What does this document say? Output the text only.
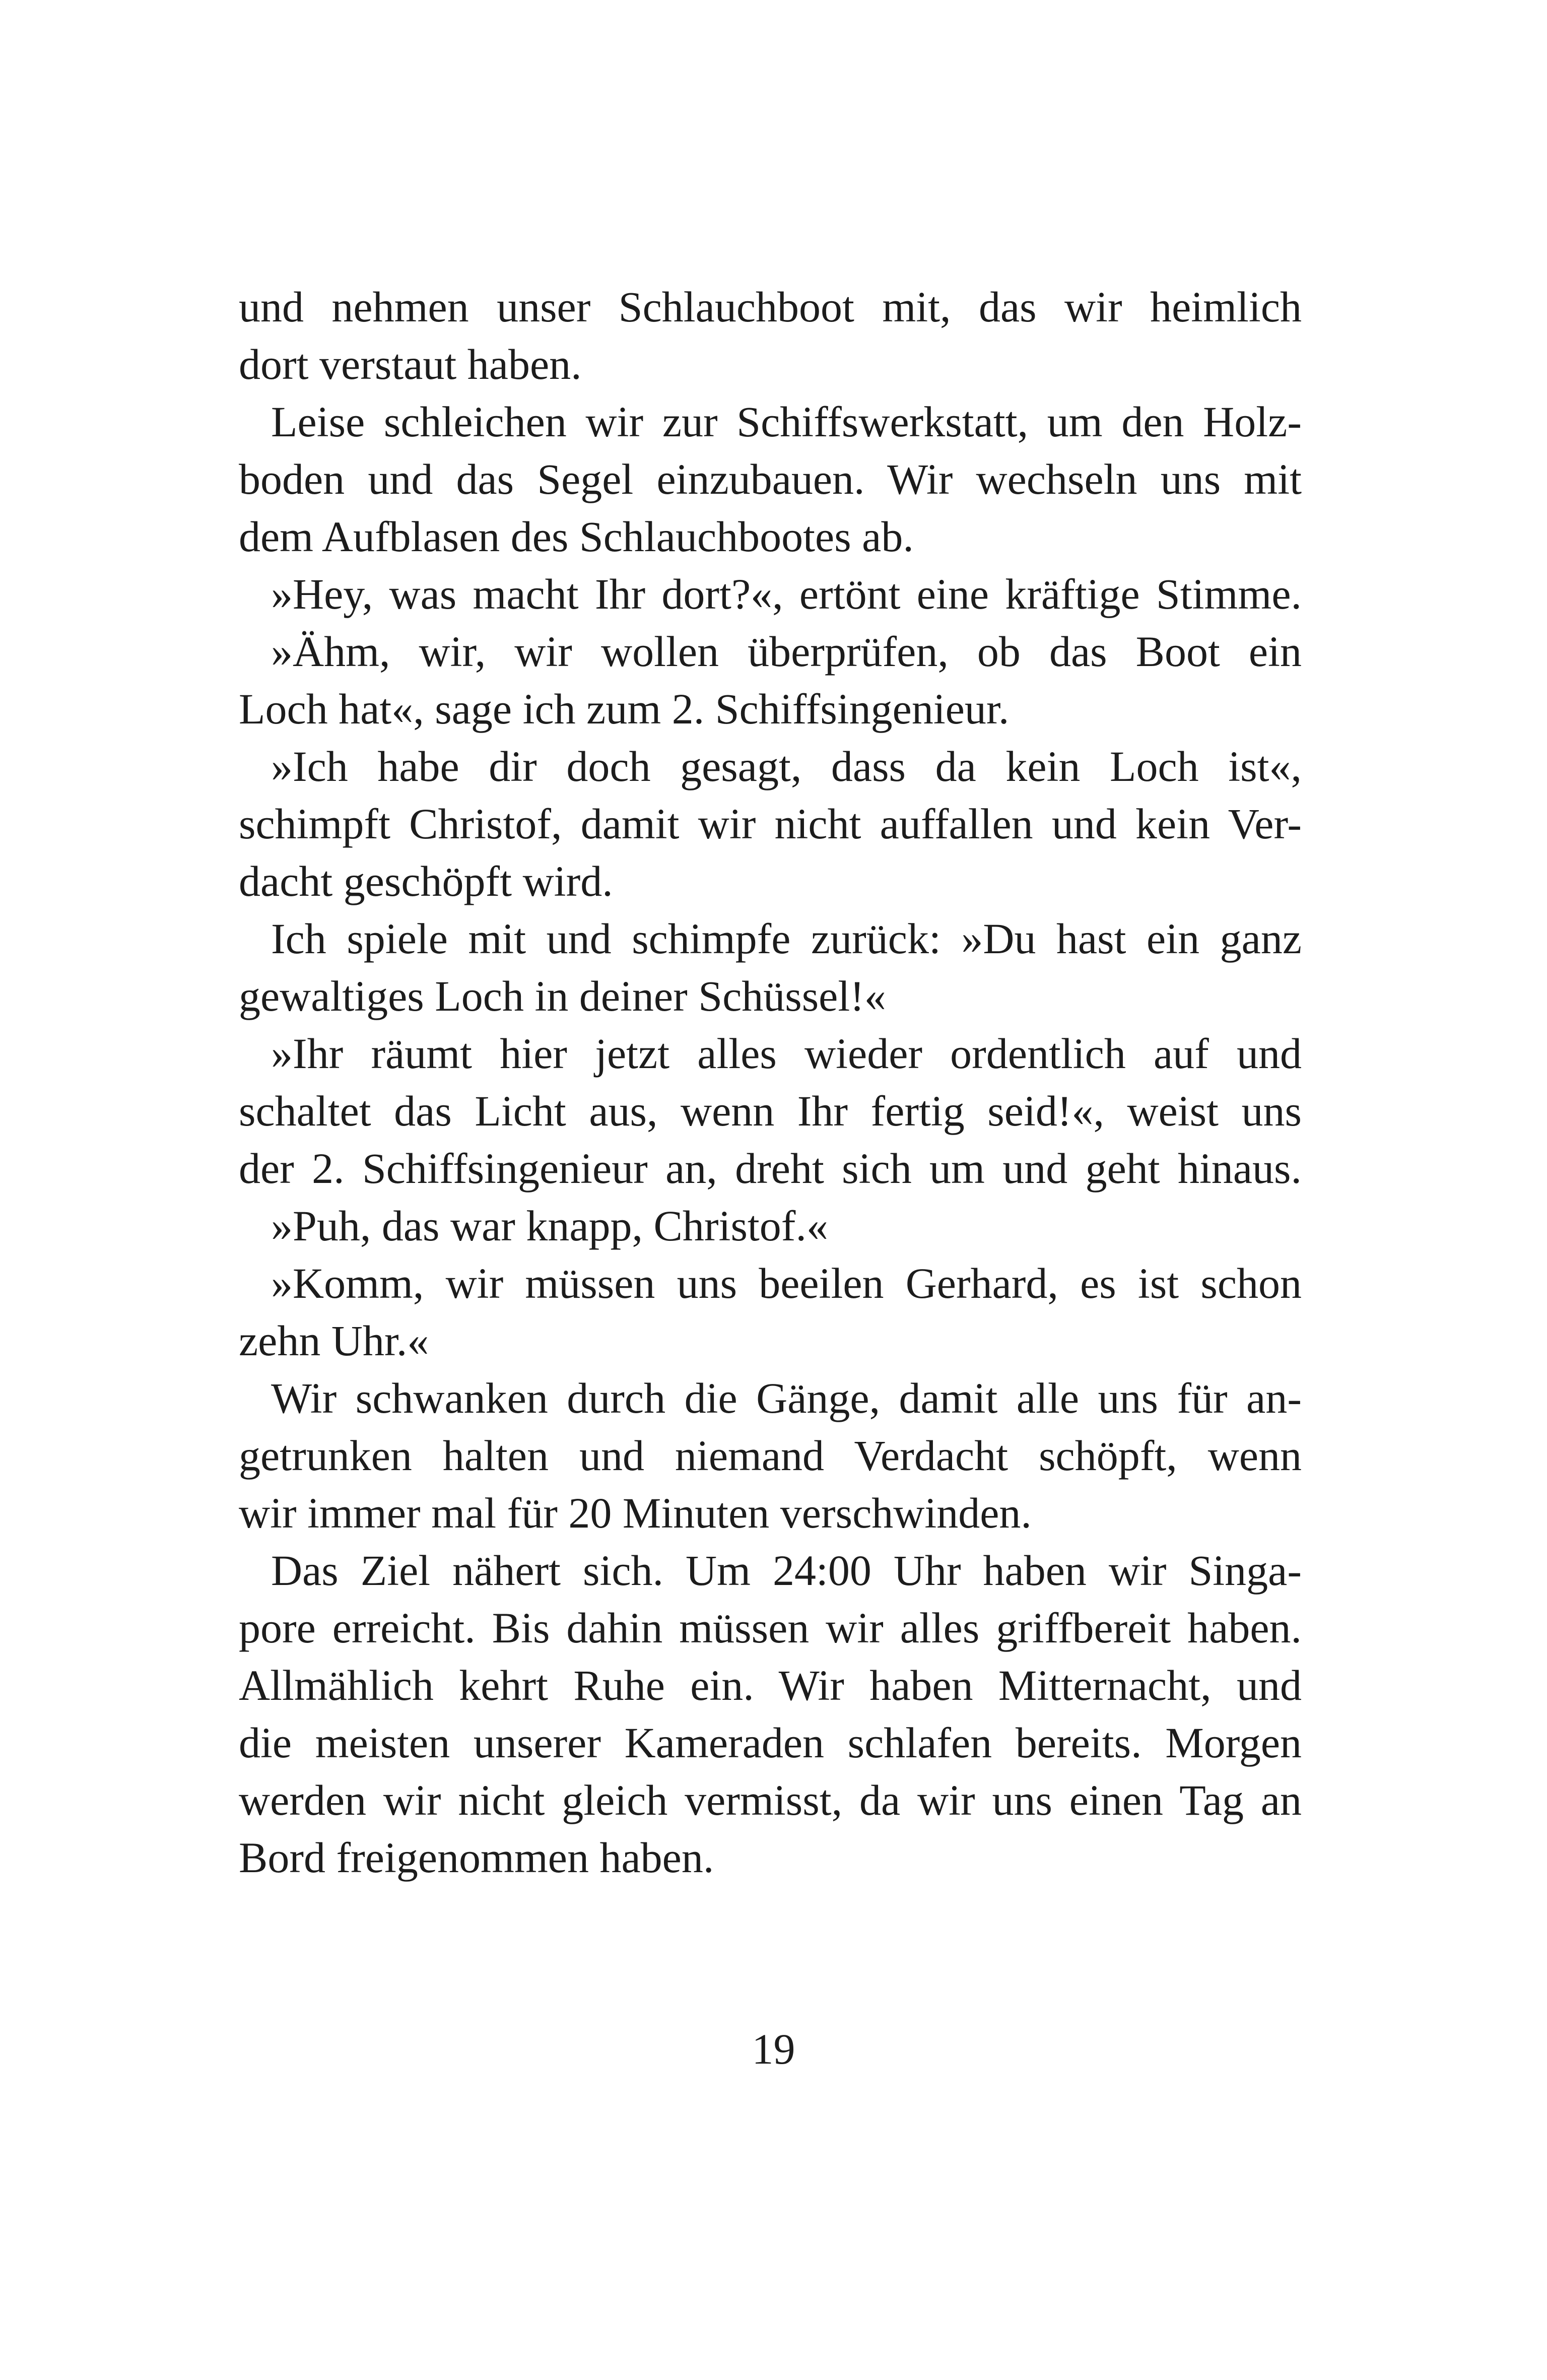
und nehmen unser Schlauchboot mit, das wir heimlich
dort verstaut haben.
Leise schleichen wir zur Schiffswerkstatt, um den Holz-
boden und das Segel einzubauen. Wir wechseln uns mit
dem Aufblasen des Schlauchbootes ab.
»Hey, was macht Ihr dort?«, ertönt eine kräftige Stimme.
»Ähm, wir, wir wollen überprüfen, ob das Boot ein
Loch hat«, sage ich zum 2. Schiffsingenieur.
»Ich habe dir doch gesagt, dass da kein Loch ist«,
schimpft Christof, damit wir nicht auffallen und kein Ver-
dacht geschöpft wird.
Ich spiele mit und schimpfe zurück: »Du hast ein ganz
gewaltiges Loch in deiner Schüssel!«
»Ihr räumt hier jetzt alles wieder ordentlich auf und
schaltet das Licht aus, wenn Ihr fertig seid!«, weist uns
der 2. Schiffsingenieur an, dreht sich um und geht hinaus.
»Puh, das war knapp, Christof.«
»Komm, wir müssen uns beeilen Gerhard, es ist schon
zehn Uhr.«
Wir schwanken durch die Gänge, damit alle uns für an-
getrunken halten und niemand Verdacht schöpft, wenn
wir immer mal für 20 Minuten verschwinden.
Das Ziel nähert sich. Um 24:00 Uhr haben wir Singa-
pore erreicht. Bis dahin müssen wir alles griffbereit haben.
Allmählich kehrt Ruhe ein. Wir haben Mitternacht, und
die meisten unserer Kameraden schlafen bereits. Morgen
werden wir nicht gleich vermisst, da wir uns einen Tag an
Bord freigenommen haben.
19
